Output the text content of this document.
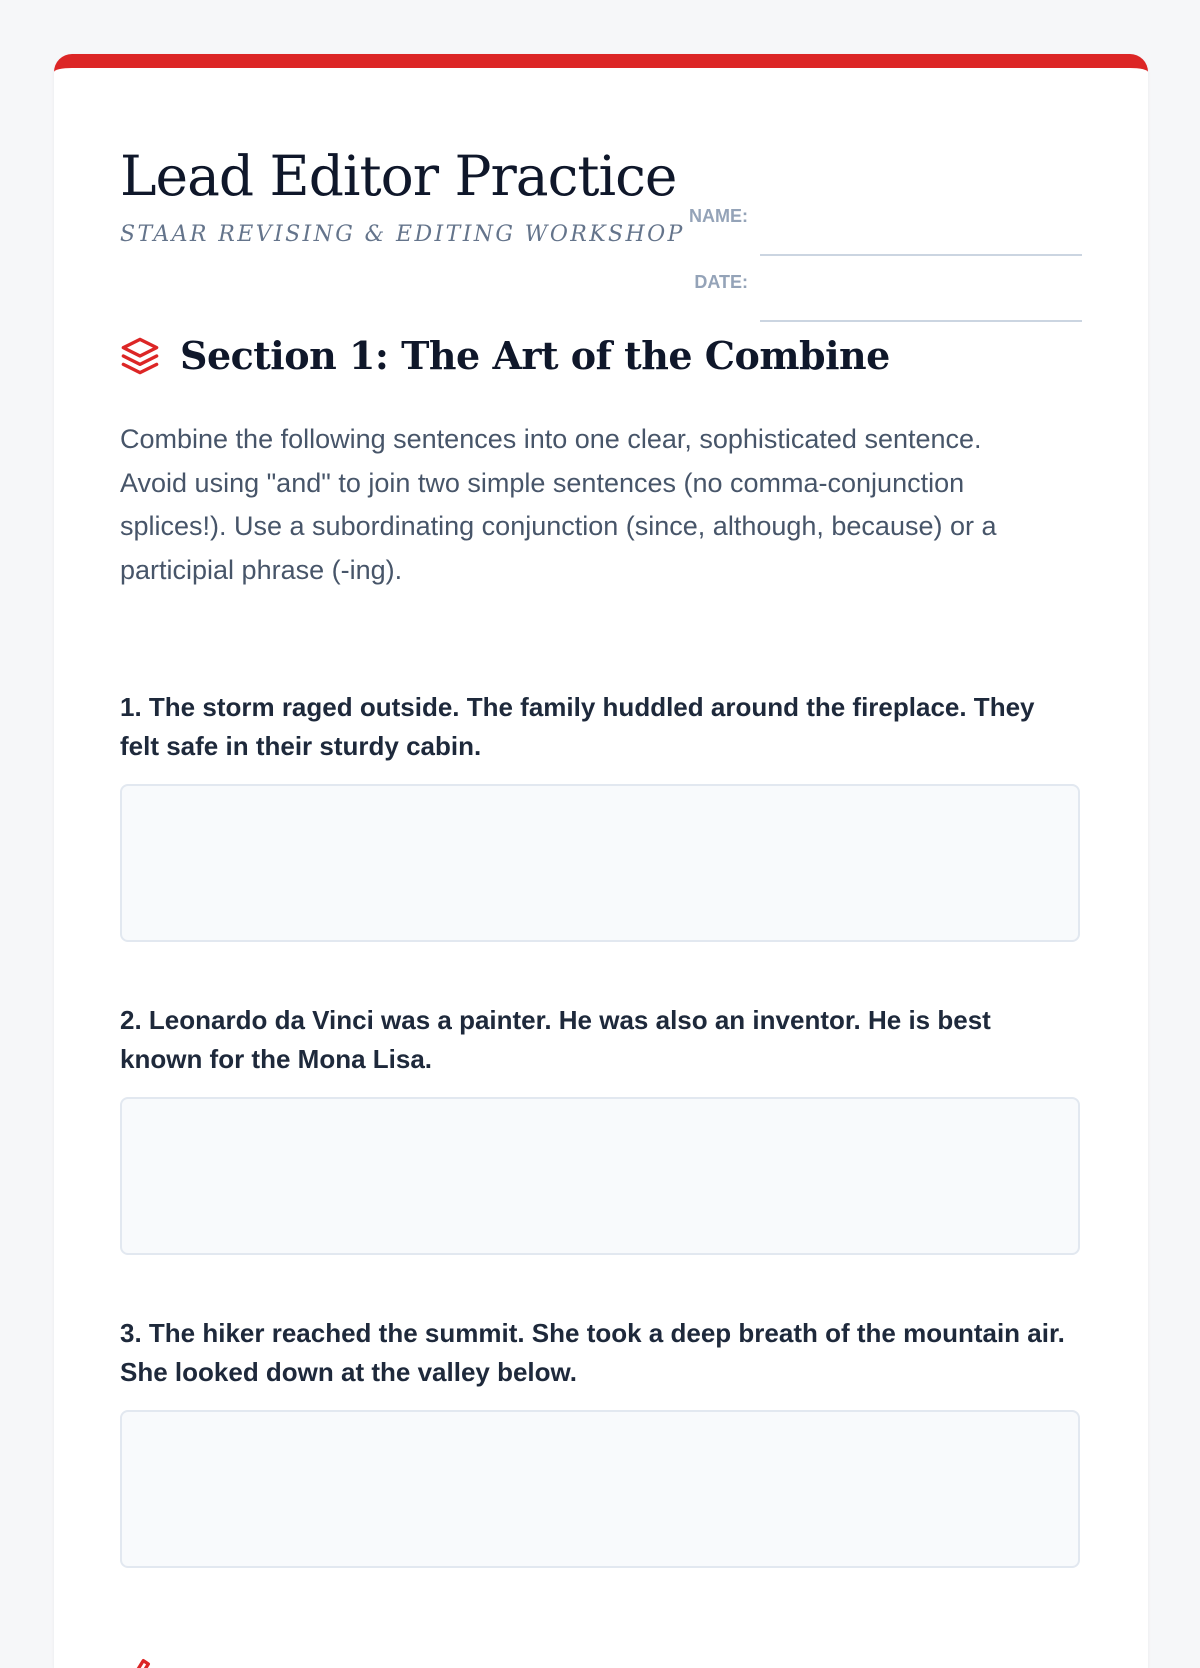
Lead Editor Practice
STAAR REVISING & EDITING WORKSHOP
NAME:
DATE:
Section 1: The Art of the Combine

Combine the following sentences into one clear, sophisticated sentence. Avoid using "and" to join two simple sentences (no comma-conjunction splices!). Use a subordinating conjunction (since, although, because) or a participial phrase (-ing).

1. The storm raged outside. The family huddled around the fireplace. They felt safe in their sturdy cabin.

2. Leonardo da Vinci was a painter. He was also an inventor. He is best known for the Mona Lisa.

3. The hiker reached the summit. She took a deep breath of the mountain air. She looked down at the valley below.
